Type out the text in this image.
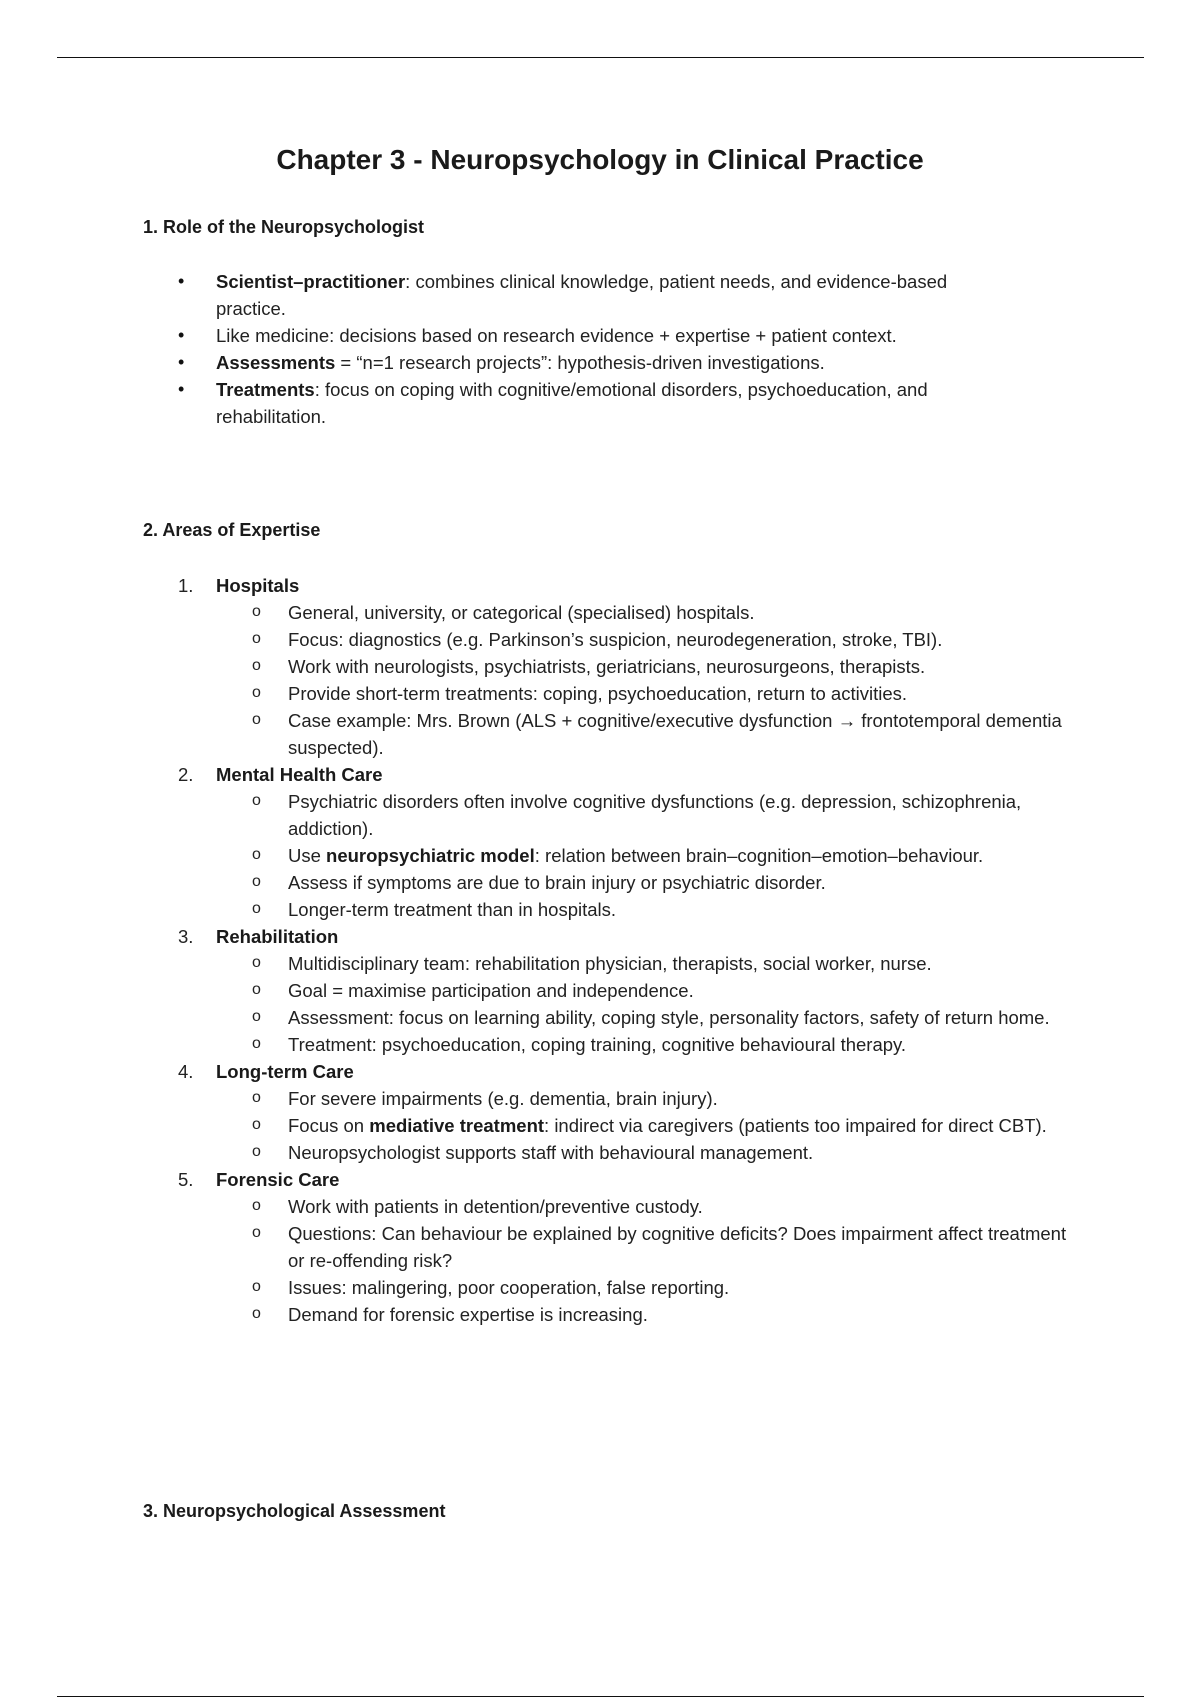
Chapter 3 - Neuropsychology in Clinical Practice
1. Role of the Neuropsychologist
• Scientist–practitioner: combines clinical knowledge, patient needs, and evidence-based practice.
• Like medicine: decisions based on research evidence + expertise + patient context.
• Assessments = “n=1 research projects”: hypothesis-driven investigations.
• Treatments: focus on coping with cognitive/emotional disorders, psychoeducation, and rehabilitation.
2. Areas of Expertise
1.	Hospitals
o General, university, or categorical (specialised) hospitals.
o Focus: diagnostics (e.g. Parkinson’s suspicion, neurodegeneration, stroke, TBI).
o Work with neurologists, psychiatrists, geriatricians, neurosurgeons, therapists.
o Provide short-term treatments: coping, psychoeducation, return to activities.
o Case example: Mrs. Brown (ALS + cognitive/executive dysfunction → frontotemporal dementia suspected).
2.	Mental Health Care
o Psychiatric disorders often involve cognitive dysfunctions (e.g. depression, schizophrenia, addiction).
o Use neuropsychiatric model: relation between brain–cognition–emotion–behaviour.
o Assess if symptoms are due to brain injury or psychiatric disorder.
o Longer-term treatment than in hospitals.
3.	Rehabilitation
o Multidisciplinary team: rehabilitation physician, therapists, social worker, nurse.
o Goal = maximise participation and independence.
o Assessment: focus on learning ability, coping style, personality factors, safety of return home.
o Treatment: psychoeducation, coping training, cognitive behavioural therapy.
4.	Long-term Care
o For severe impairments (e.g. dementia, brain injury).
o Focus on mediative treatment: indirect via caregivers (patients too impaired for direct CBT).
o Neuropsychologist supports staff with behavioural management.
5.	Forensic Care
o Work with patients in detention/preventive custody.
o Questions: Can behaviour be explained by cognitive deficits? Does impairment affect treatment or re-offending risk?
o Issues: malingering, poor cooperation, false reporting.
o Demand for forensic expertise is increasing.
3. Neuropsychological Assessment
